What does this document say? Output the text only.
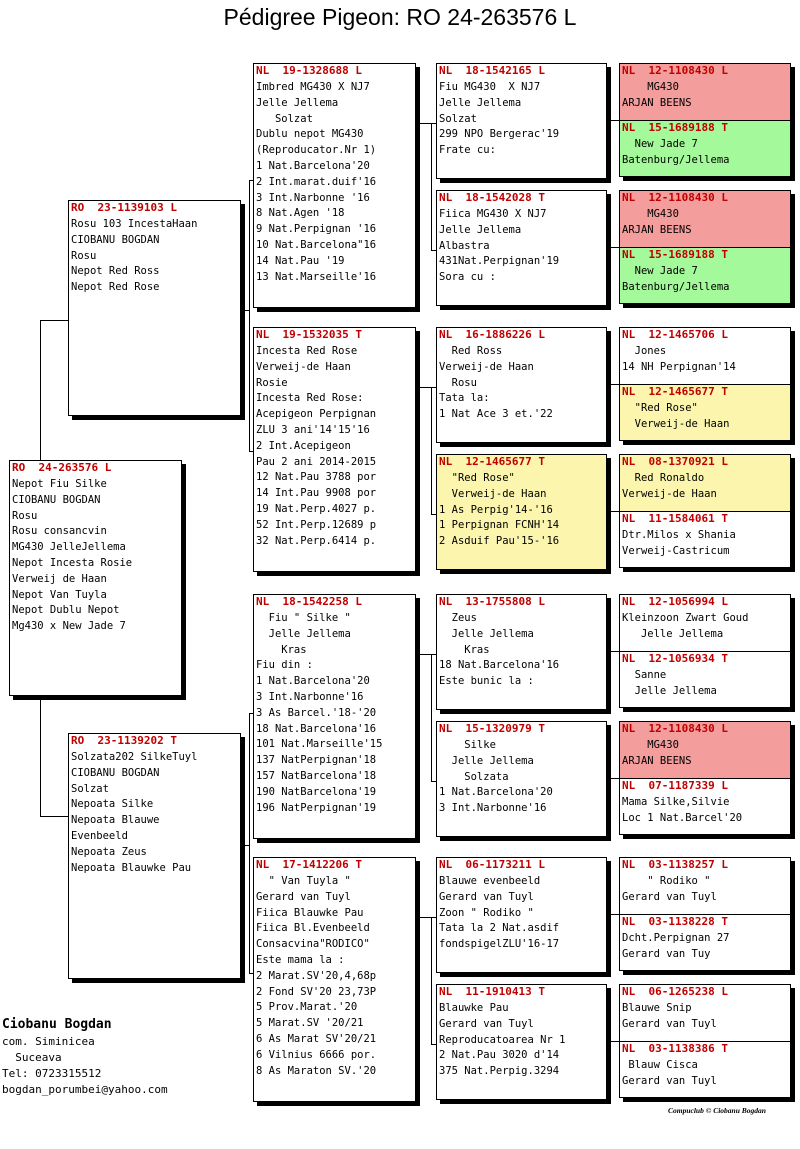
Pédigree Pigeon: RO 24-263576 L
RO  24-263576 L
Nepot Fiu Silke
CIOBANU BOGDAN
Rosu
Rosu consancvin
MG430 JelleJellema
Nepot Incesta Rosie
Verweij de Haan
Nepot Van Tuyla
Nepot Dublu Nepot
Mg430 x New Jade 7
RO  23-1139103 L
Rosu 103 IncestaHaan
CIOBANU BOGDAN
Rosu
Nepot Red Ross
Nepot Red Rose
RO  23-1139202 T
Solzata202 SilkeTuyl
CIOBANU BOGDAN
Solzat
Nepoata Silke
Nepoata Blauwe
Evenbeeld
Nepoata Zeus
Nepoata Blauwke Pau
NL  19-1328688 L
Imbred MG430 X NJ7
Jelle Jellema
Solzat
Dublu nepot MG430
(Reproducator.Nr 1)
1 Nat.Barcelona'20
2 Int.marat.duif'16
3 Int.Narbonne '16
8 Nat.Agen '18
9 Nat.Perpignan '16
10 Nat.Barcelona"16
14 Nat.Pau '19
13 Nat.Marseille'16
NL  19-1532035 T
Incesta Red Rose
Verweij-de Haan
Rosie
Incesta Red Rose:
Acepigeon Perpignan
ZLU 3 ani'14'15'16
2 Int.Acepigeon
Pau 2 ani 2014-2015
12 Nat.Pau 3788 por
14 Int.Pau 9908 por
19 Nat.Perp.4027 p.
52 Int.Perp.12689 p
32 Nat.Perp.6414 p.
NL  18-1542258 L
Fiu " Silke "
Jelle Jellema
Kras
Fiu din :
1 Nat.Barcelona'20
3 Int.Narbonne'16
3 As Barcel.'18-'20
18 Nat.Barcelona'16
101 Nat.Marseille'15
137 NatPerpignan'18
157 NatBarcelona'18
190 NatBarcelona'19
196 NatPerpignan'19
NL  17-1412206 T
" Van Tuyla "
Gerard van Tuyl
Fiica Blauwke Pau
Fiica Bl.Evenbeeld
Consacvina"RODICO"
Este mama la :
2 Marat.SV'20,4,68p
2 Fond SV'20 23,73P
5 Prov.Marat.'20
5 Marat.SV '20/21
6 As Marat SV'20/21
6 Vilnius 6666 por.
8 As Maraton SV.'20
NL  18-1542165 L
Fiu MG430  X NJ7
Jelle Jellema
Solzat
299 NPO Bergerac'19
Frate cu:
NL  18-1542028 T
Fiica MG430 X NJ7
Jelle Jellema
Albastra
431Nat.Perpignan'19
Sora cu :
NL  16-1886226 L
Red Ross
Verweij-de Haan
Rosu
Tata la:
1 Nat Ace 3 et.'22
NL  12-1465677 T
"Red Rose"
Verweij-de Haan
1 As Perpig'14-'16
1 Perpignan FCNH'14
2 Asduif Pau'15-'16
NL  13-1755808 L
Zeus
Jelle Jellema
Kras
18 Nat.Barcelona'16
Este bunic la :
NL  15-1320979 T
Silke
Jelle Jellema
Solzata
1 Nat.Barcelona'20
3 Int.Narbonne'16
NL  06-1173211 L
Blauwe evenbeeld
Gerard van Tuyl
Zoon " Rodiko "
Tata la 2 Nat.asdif
fondspigelZLU'16-17
NL  11-1910413 T
Blauwke Pau
Gerard van Tuyl
Reproducatoarea Nr 1
2 Nat.Pau 3020 d'14
375 Nat.Perpig.3294
NL  12-1108430 L
MG430
ARJAN BEENS
NL  15-1689188 T
New Jade 7
Batenburg/Jellema
NL  12-1108430 L
MG430
ARJAN BEENS
NL  15-1689188 T
New Jade 7
Batenburg/Jellema
NL  12-1465706 L
Jones
14 NH Perpignan'14
NL  12-1465677 T
"Red Rose"
Verweij-de Haan
NL  08-1370921 L
Red Ronaldo
Verweij-de Haan
NL  11-1584061 T
Dtr.Milos x Shania
Verweij-Castricum
NL  12-1056994 L
Kleinzoon Zwart Goud
Jelle Jellema
NL  12-1056934 T
Sanne
Jelle Jellema
NL  12-1108430 L
MG430
ARJAN BEENS
NL  07-1187339 L
Mama Silke,Silvie
Loc 1 Nat.Barcel'20
NL  03-1138257 L
" Rodiko "
Gerard van Tuyl
NL  03-1138228 T
Dcht.Perpignan 27
Gerard van Tuy
NL  06-1265238 L
Blauwe Snip
Gerard van Tuyl
NL  03-1138386 T
Blauw Cisca
Gerard van Tuyl
Ciobanu Bogdan
com. Siminicea
Suceava
Tel: 0723315512
bogdan_porumbei@yahoo.com
Compuclub © Ciobanu Bogdan
